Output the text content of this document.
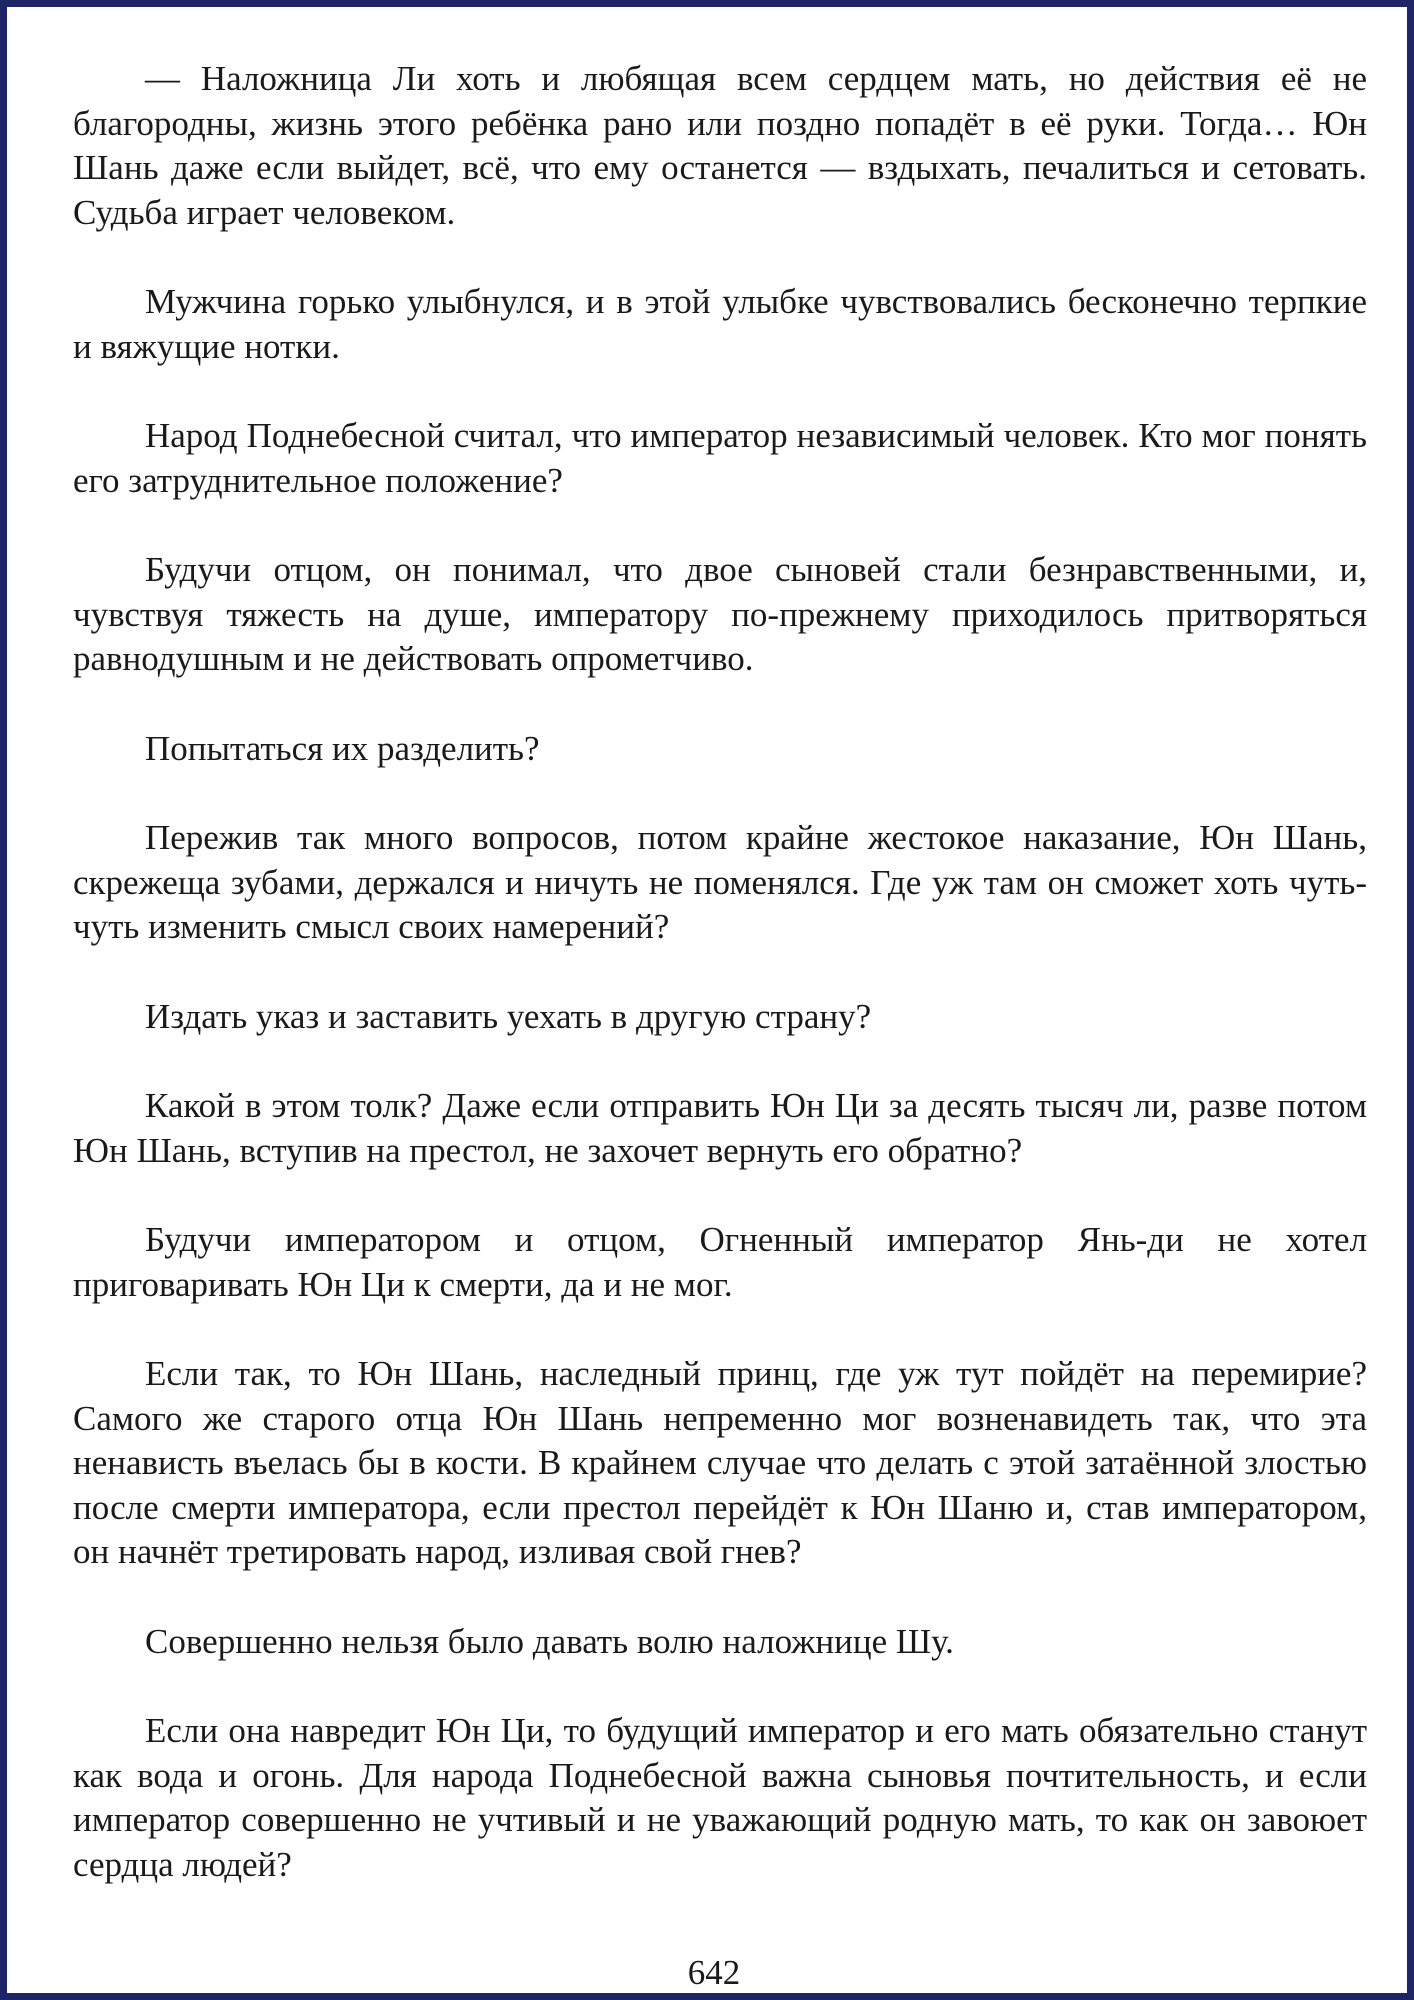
— Наложница Ли хоть и любящая всем сердцем мать, но действия её не благородны, жизнь этого ребёнка рано или поздно попадёт в её руки. Тогда… Юн Шань даже если выйдет, всё, что ему останется — вздыхать, печалиться и сетовать. Судьба играет человеком.

Мужчина горько улыбнулся, и в этой улыбке чувствовались бесконечно терпкие и вяжущие нотки.

Народ Поднебесной считал, что император независимый человек. Кто мог понять его затруднительное положение?

Будучи отцом, он понимал, что двое сыновей стали безнравственными, и, чувствуя тяжесть на душе, императору по-прежнему приходилось притворяться равнодушным и не действовать опрометчиво.

Попытаться их разделить?

Пережив так много вопросов, потом крайне жестокое наказание, Юн Шань, скрежеща зубами, держался и ничуть не поменялся. Где уж там он сможет хоть чуть-чуть изменить смысл своих намерений?

Издать указ и заставить уехать в другую страну?

Какой в этом толк? Даже если отправить Юн Ци за десять тысяч ли, разве потом Юн Шань, вступив на престол, не захочет вернуть его обратно?

Будучи императором и отцом, Огненный император Янь-ди не хотел приговаривать Юн Ци к смерти, да и не мог.

Если так, то Юн Шань, наследный принц, где уж тут пойдёт на перемирие? Самого же старого отца Юн Шань непременно мог возненавидеть так, что эта ненависть въелась бы в кости. В крайнем случае что делать с этой затаённой злостью после смерти императора, если престол перейдёт к Юн Шаню и, став императором, он начнёт третировать народ, изливая свой гнев?

Совершенно нельзя было давать волю наложнице Шу.

Если она навредит Юн Ци, то будущий император и его мать обязательно станут как вода и огонь. Для народа Поднебесной важна сыновья почтительность, и если император совершенно не учтивый и не уважающий родную мать, то как он завоюет сердца людей?

642
